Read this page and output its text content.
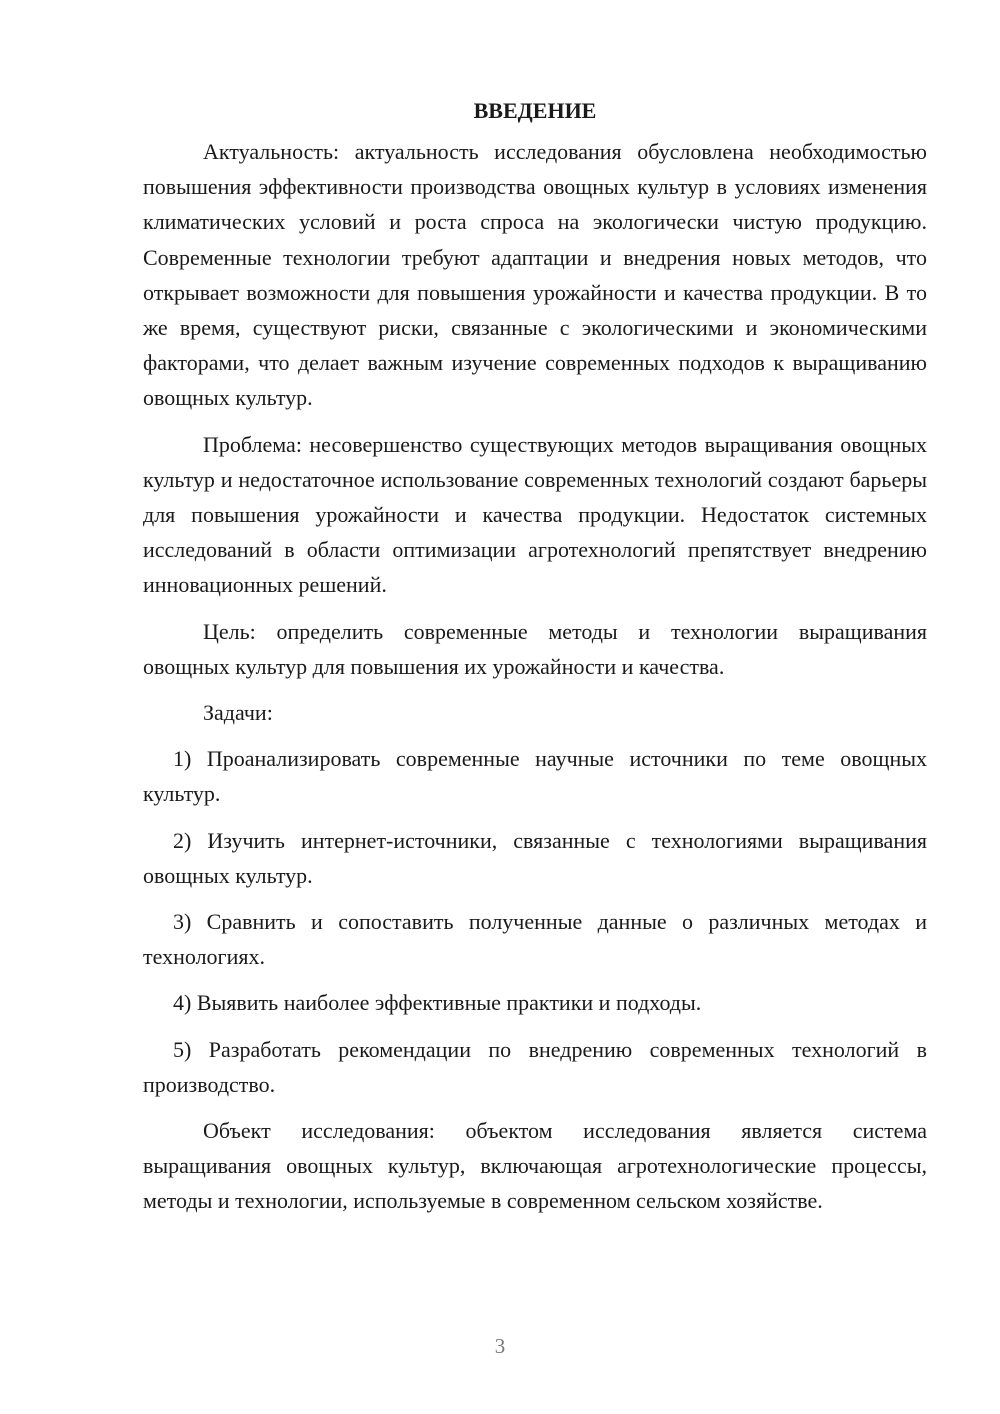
ВВЕДЕНИЕ

Актуальность: актуальность исследования обусловлена необходимостью повышения эффективности производства овощных культур в условиях изменения климатических условий и роста спроса на экологически чистую продукцию. Современные технологии требуют адаптации и внедрения новых методов, что открывает возможности для повышения урожайности и качества продукции. В то же время, существуют риски, связанные с экологическими и экономическими факторами, что делает важным изучение современных подходов к выращиванию овощных культур.

Проблема: несовершенство существующих методов выращивания овощных культур и недостаточное использование современных технологий создают барьеры для повышения урожайности и качества продукции. Недостаток системных исследований в области оптимизации агротехнологий препятствует внедрению инновационных решений.

Цель: определить современные методы и технологии выращивания овощных культур для повышения их урожайности и качества.

Задачи:

1) Проанализировать современные научные источники по теме овощных культур.

2) Изучить интернет-источники, связанные с технологиями выращивания овощных культур.

3) Сравнить и сопоставить полученные данные о различных методах и технологиях.

4) Выявить наиболее эффективные практики и подходы.

5) Разработать рекомендации по внедрению современных технологий в производство.

Объект исследования: объектом исследования является система выращивания овощных культур, включающая агротехнологические процессы, методы и технологии, используемые в современном сельском хозяйстве.

3
